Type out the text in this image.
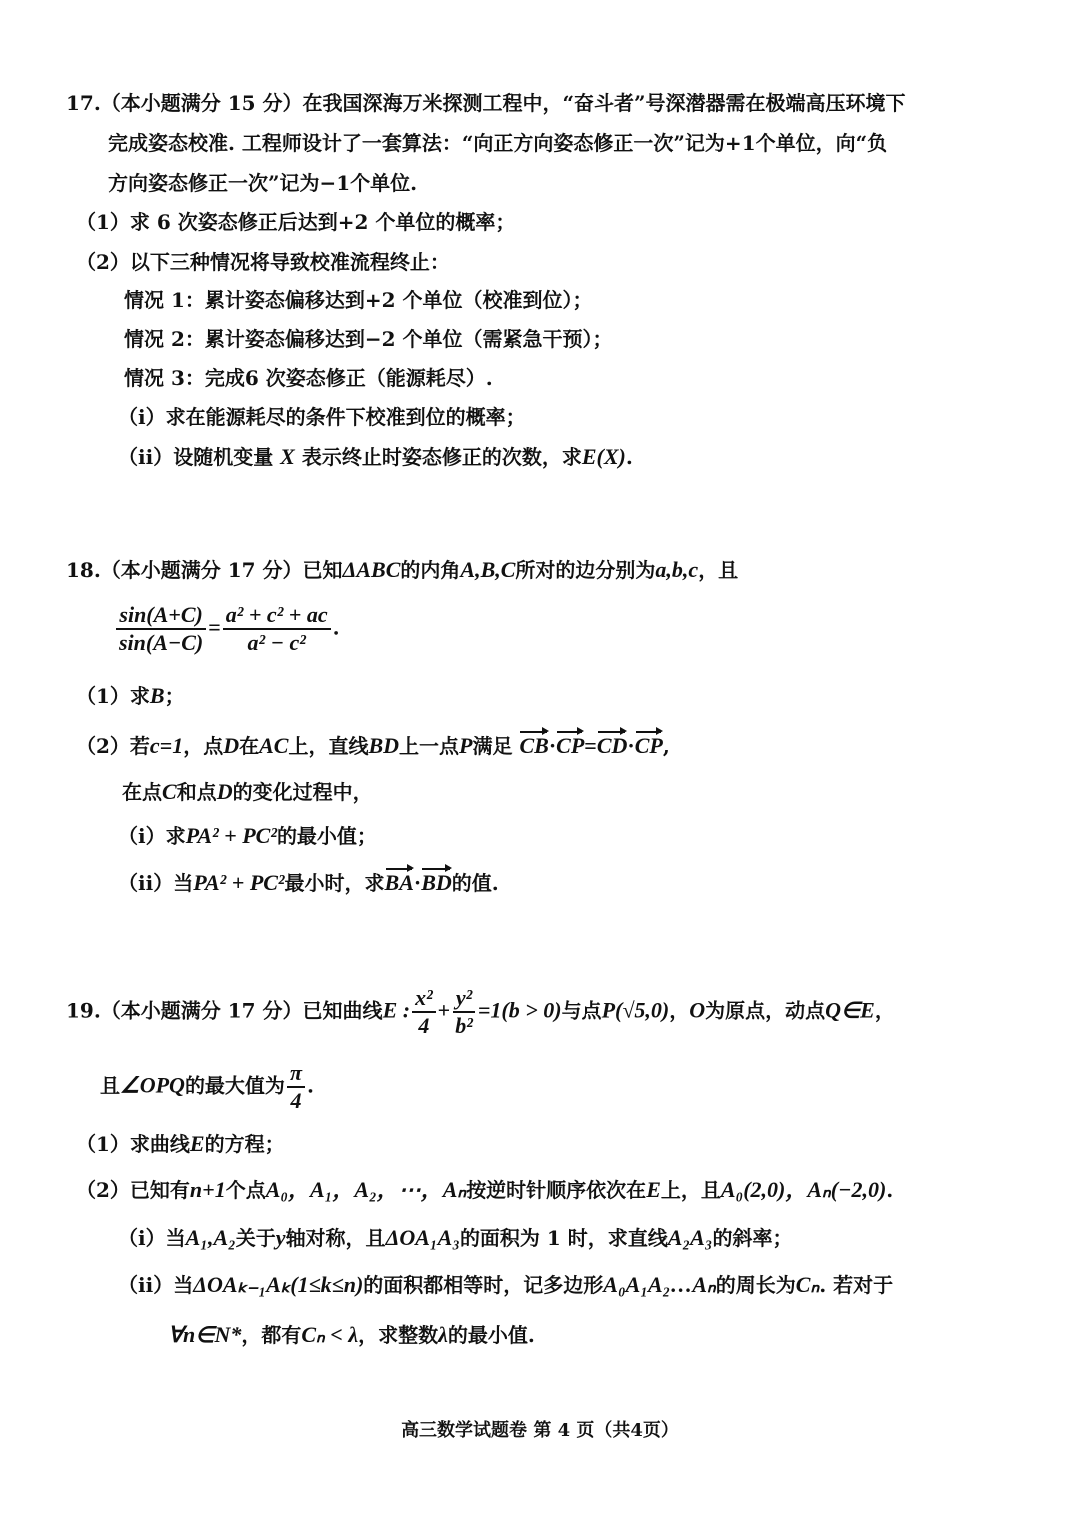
17.（本小题满分 15 分）在我国深海万米探测工程中，“奋斗者”号深潜器需在极端高压环境下
完成姿态校准. 工程师设计了一套算法：“向正方向姿态修正一次”记为+1个单位，向“负
方向姿态修正一次”记为−1个单位.
（1）求 6 次姿态修正后达到+2 个单位的概率；
（2）以下三种情况将导致校准流程终止：
情况 1：累计姿态偏移达到+2 个单位（校准到位）；
情况 2：累计姿态偏移达到−2 个单位（需紧急干预）；
情况 3：完成6 次姿态修正（能源耗尽）.
（i）求在能源耗尽的条件下校准到位的概率；
（ii）设随机变量 X 表示终止时姿态修正的次数，求E(X).
18.（本小题满分 17 分）已知ΔABC的内角A,B,C所对的边分别为a,b,c，且
$\frac{\sin(A+C)}{\sin(A-C)} = \frac{\text{a² + c² + ac}}{\text{a² − c²}}$ .
（1）求B；
（2）若c=1，点D在AC上，直线BD上一点P满足 CB·CP=CD·CP,
在点C和点D的变化过程中，
（i）求PA² + PC²的最小值；
（ii）当PA² + PC²最小时，求BA·BD的值.
19.（本小题满分 17 分）已知曲线E : $\frac{\text{x²}}{4} + \frac{\text{y²}}{\text{b²}} =1(b > 0)$与点P(√5,0)，O为原点，动点Q∈E，
且∠OPQ的最大值为 $\frac{\pi}{4}$ .
（1）求曲线E的方程；
（2）已知有n+1个点A₀，A₁，A₂，⋯，Aₙ按逆时针顺序依次在E上，且A₀(2,0)，Aₙ(−2,0).
（i）当A₁,A₂关于y轴对称，且ΔOA₁A₃的面积为 1 时，求直线A₂A₃的斜率；
（ii）当ΔOAₖ₋₁Aₖ(1≤k≤n)的面积都相等时，记多边形A₀A₁A₂…Aₙ的周长为Cₙ. 若对于
∀n∈N*，都有Cₙ < λ，求整数λ的最小值.
高三数学试题卷 第 4 页（共4页）
